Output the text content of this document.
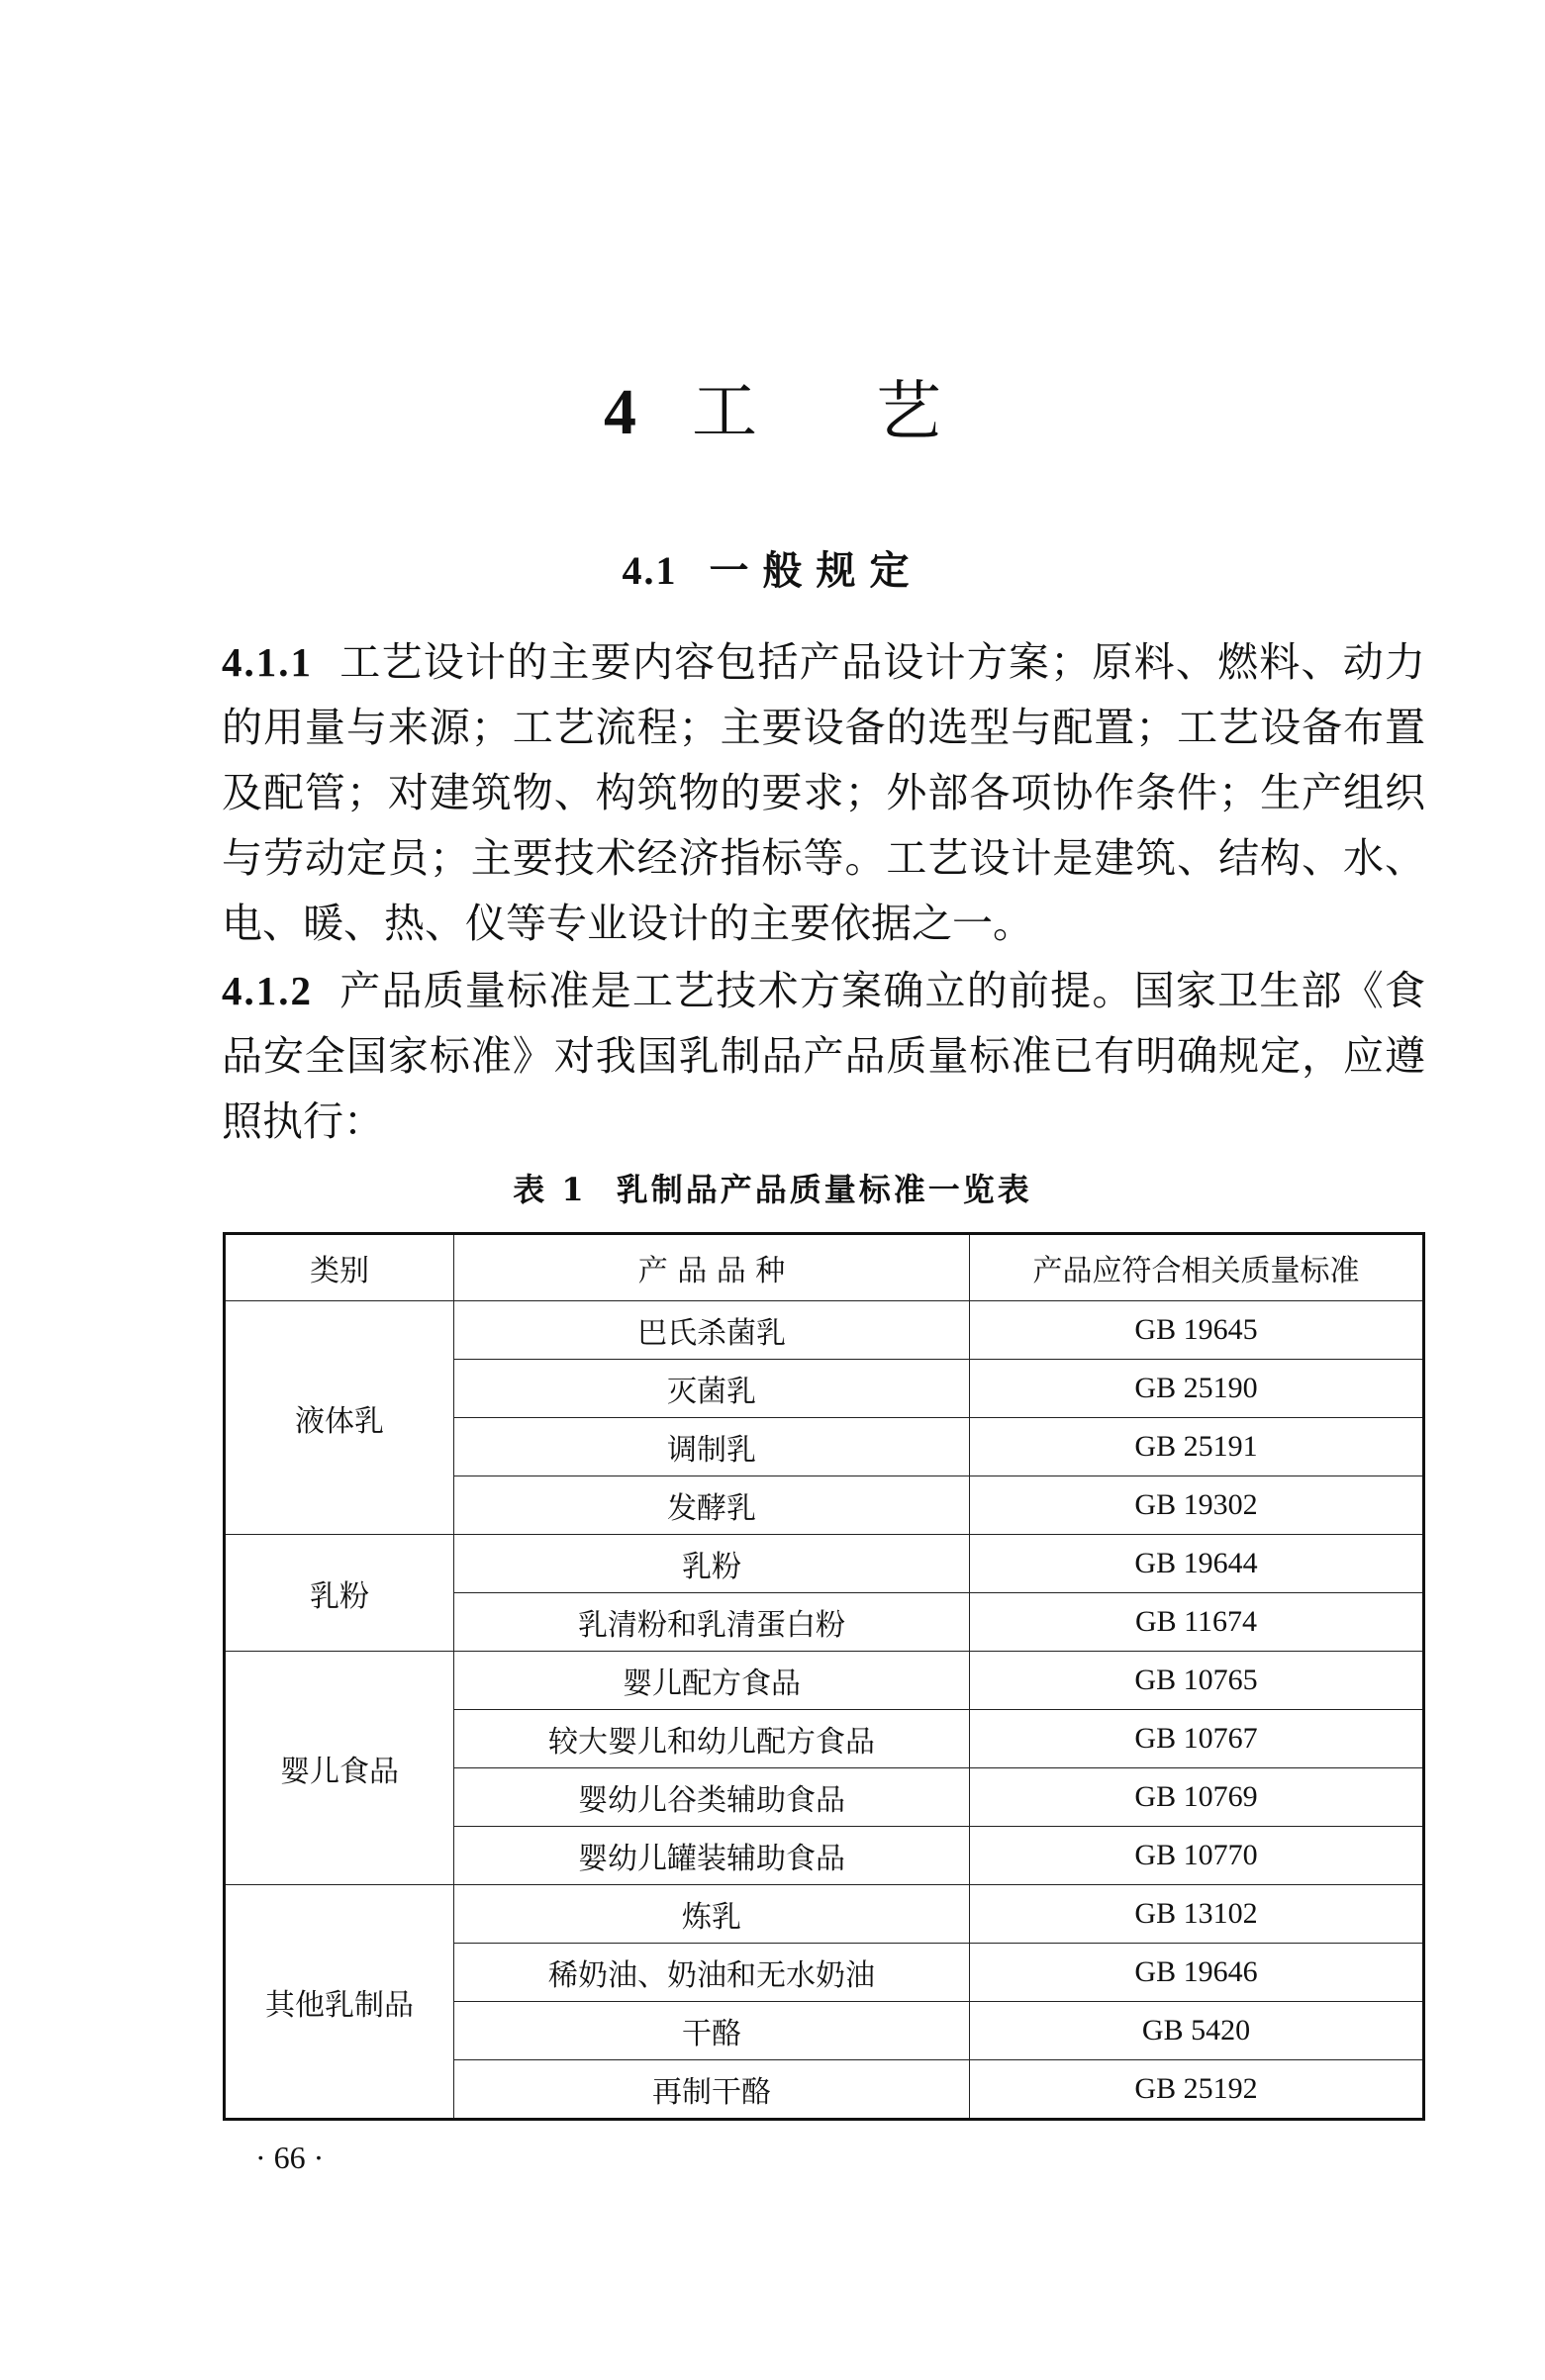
4 工 艺
4.1 一般规定
4.1.1 工艺设计的主要内容包括产品设计方案；原料、燃料、动力的用量与来源；工艺流程；主要设备的选型与配置；工艺设备布置及配管；对建筑物、构筑物的要求；外部各项协作条件；生产组织与劳动定员；主要技术经济指标等。工艺设计是建筑、结构、水、电、暖、热、仪等专业设计的主要依据之一。
4.1.2 产品质量标准是工艺技术方案确立的前提。国家卫生部《食品安全国家标准》对我国乳制品产品质量标准已有明确规定，应遵照执行：
表 1 乳制品产品质量标准一览表
类别	产 品 品 种	产品应符合相关质量标准
液体乳	巴氏杀菌乳	GB 19645
	灭菌乳	GB 25190
	调制乳	GB 25191
	发酵乳	GB 19302
乳粉	乳粉	GB 19644
	乳清粉和乳清蛋白粉	GB 11674
婴儿食品	婴儿配方食品	GB 10765
	较大婴儿和幼儿配方食品	GB 10767
	婴幼儿谷类辅助食品	GB 10769
	婴幼儿罐装辅助食品	GB 10770
其他乳制品	炼乳	GB 13102
	稀奶油、奶油和无水奶油	GB 19646
	干酪	GB 5420
	再制干酪	GB 25192
· 66 ·
